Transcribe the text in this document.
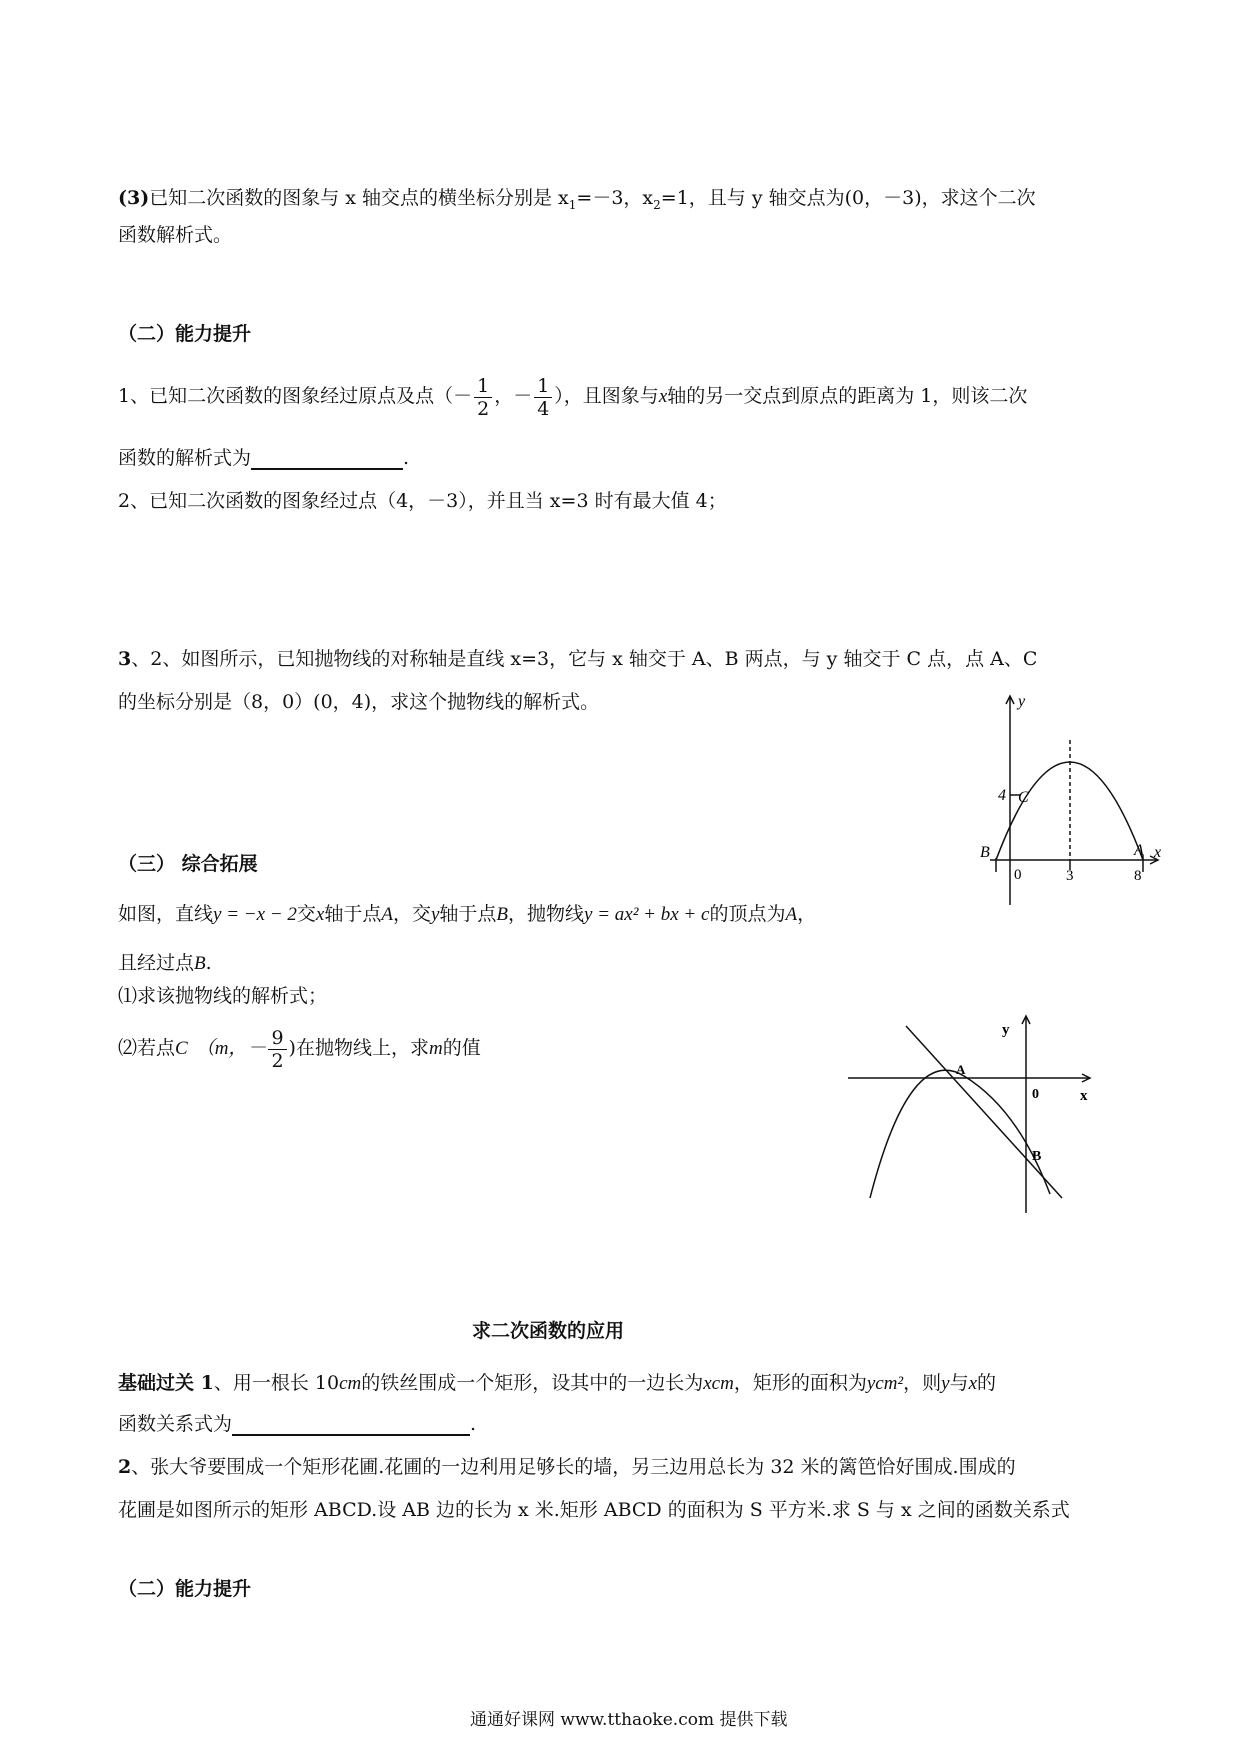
(3)已知二次函数的图象与 x 轴交点的横坐标分别是 $x_1=-3$，$x_2=1$，且与 y 轴交点为(0，－3)，求这个二次
函数解析式。
（二）能力提升
1、已知二次函数的图象经过原点及点（－ $\frac{1}{2}$ ，－ $\frac{1}{4}$ ），且图象与x轴的另一交点到原点的距离为 1，则该二次
函数的解析式为	.
2、已知二次函数的图象经过点（4，－3），并且当 x=3 时有最大值 4；
3、2、如图所示，已知抛物线的对称轴是直线 x=3，它与 x 轴交于 A、B 两点，与 y 轴交于 C 点，点 A、C
的坐标分别是（8，0）(0，4)，求这个抛物线的解析式。	y
x
4 C
B	A
0	3	8
（三） 综合拓展
如图，直线y = −x − 2交x轴于点A，交y轴于点B，抛物线y = ax² + bx + c的顶点为A，
且经过点B.
⑴求该抛物线的解析式；
⑵若点C （m，－ $\frac{9}{2}$ )在抛物线上，求m的值
y
x
0
A
B
求二次函数的应用
基础过关 1、用一根长 10cm的铁丝围成一个矩形，设其中的一边长为xcm，矩形的面积为ycm²，则y与x的
函数关系式为	.
2、张大爷要围成一个矩形花圃.花圃的一边利用足够长的墙，另三边用总长为 32 米的篱笆恰好围成.围成的
花圃是如图所示的矩形 ABCD.设 AB 边的长为 x 米.矩形 ABCD 的面积为 S 平方米.求 S 与 x 之间的函数关系式
（二）能力提升
通通好课网 www.tthaoke.com 提供下载
